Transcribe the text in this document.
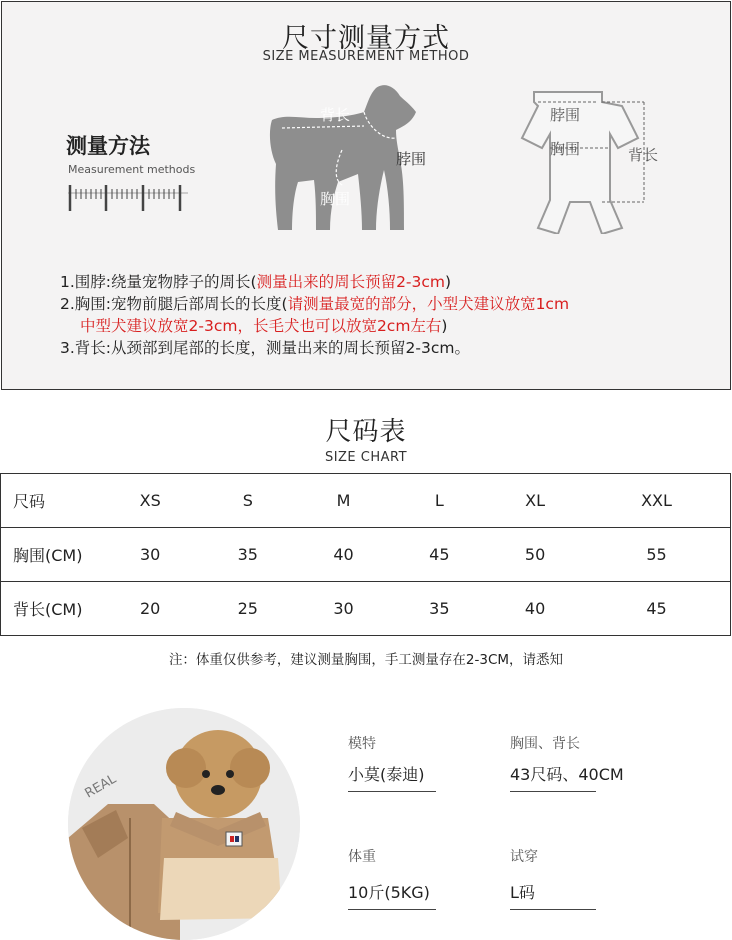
尺寸测量方式
SIZE MEASUREMENT METHOD
测量方法
Measurement methods
背长
脖围
胸围
脖围
胸围	背长
1.围脖:绕量宠物脖子的周长(测量出来的周长预留2-3cm)
2.胸围:宠物前腿后部周长的长度(请测量最宽的部分，小型犬建议放宽1cm
中型犬建议放宽2-3cm，长毛犬也可以放宽2cm左右)
3.背长:从颈部到尾部的长度，测量出来的周长预留2-3cm。
尺码表
SIZE CHART
尺码	XS	S	M	L	XL	XXL
胸围(CM)	30	35	40	45	50	55
背长(CM)	20	25	30	35	40	45
注：体重仅供参考，建议测量胸围，手工测量存在2-3CM，请悉知
REAL
模特
小莫(泰迪)
胸围、背长
43尺码、40CM
体重
10斤(5KG)
试穿
L码
